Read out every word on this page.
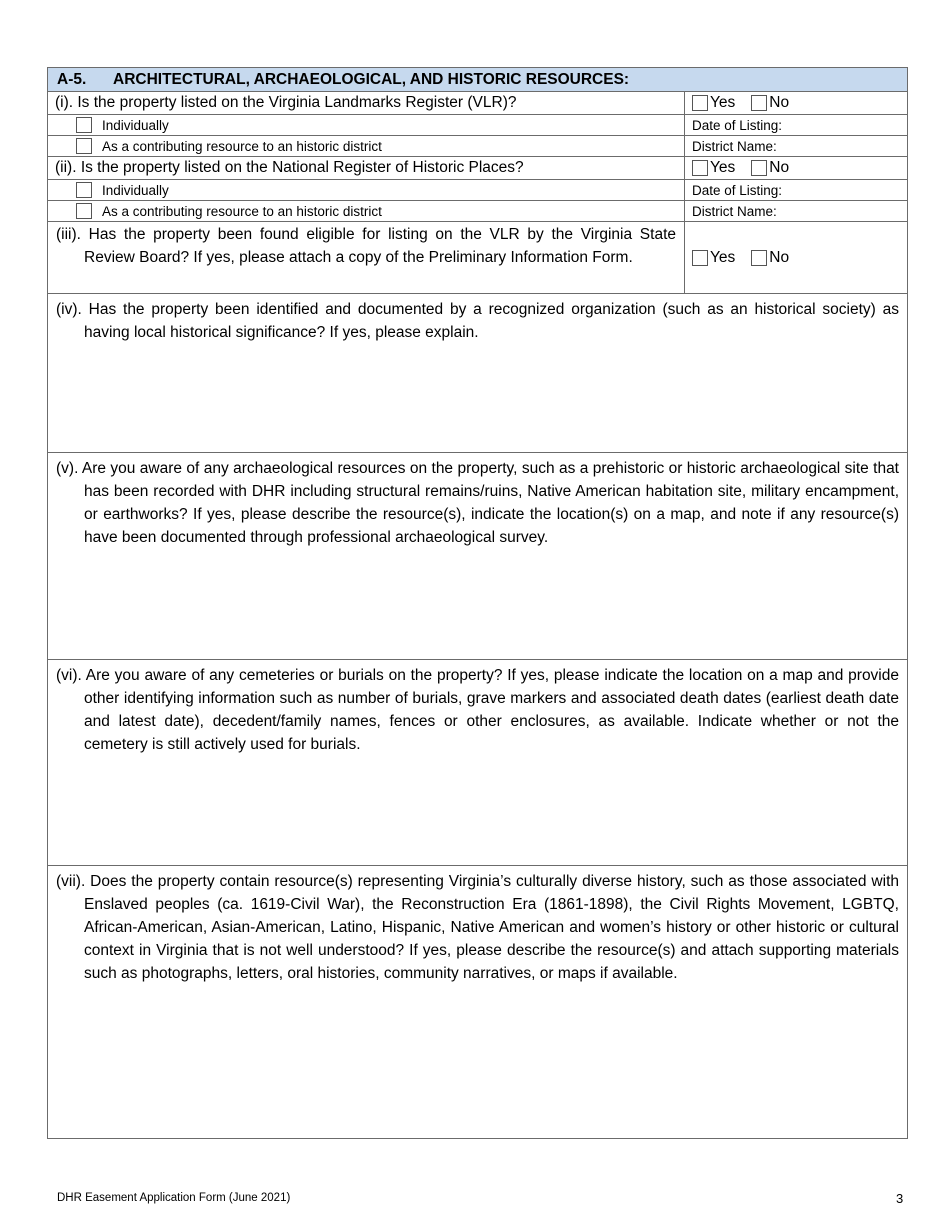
A-5.	ARCHITECTURAL, ARCHAEOLOGICAL, AND HISTORIC RESOURCES:
(i). Is the property listed on the Virginia Landmarks Register (VLR)?	Yes No
Individually	Date of Listing:
As a contributing resource to an historic district	District Name:
(ii). Is the property listed on the National Register of Historic Places?	Yes No
Individually	Date of Listing:
As a contributing resource to an historic district	District Name:

(iii). Has the property been found eligible for listing on the VLR by the Virginia State Review Board? If yes, please attach a copy of the Preliminary Information Form.	Yes No

(iv). Has the property been identified and documented by a recognized organization (such as an historical society) as having local historical significance? If yes, please explain.

(v). Are you aware of any archaeological resources on the property, such as a prehistoric or historic archaeological site that has been recorded with DHR including structural remains/ruins, Native American habitation site, military encampment, or earthworks? If yes, please describe the resource(s), indicate the location(s) on a map, and note if any resource(s) have been documented through professional archaeological survey.

(vi). Are you aware of any cemeteries or burials on the property? If yes, please indicate the location on a map and provide other identifying information such as number of burials, grave markers and associated death dates (earliest death date and latest date), decedent/family names, fences or other enclosures, as available. Indicate whether or not the cemetery is still actively used for burials.

(vii). Does the property contain resource(s) representing Virginia’s culturally diverse history, such as those associated with Enslaved peoples (ca. 1619-Civil War), the Reconstruction Era (1861-1898), the Civil Rights Movement, LGBTQ, African-American, Asian-American, Latino, Hispanic, Native American and women’s history or other historic or cultural context in Virginia that is not well understood? If yes, please describe the resource(s) and attach supporting materials such as photographs, letters, oral histories, community narratives, or maps if available.

DHR Easement Application Form (June 2021)	3
